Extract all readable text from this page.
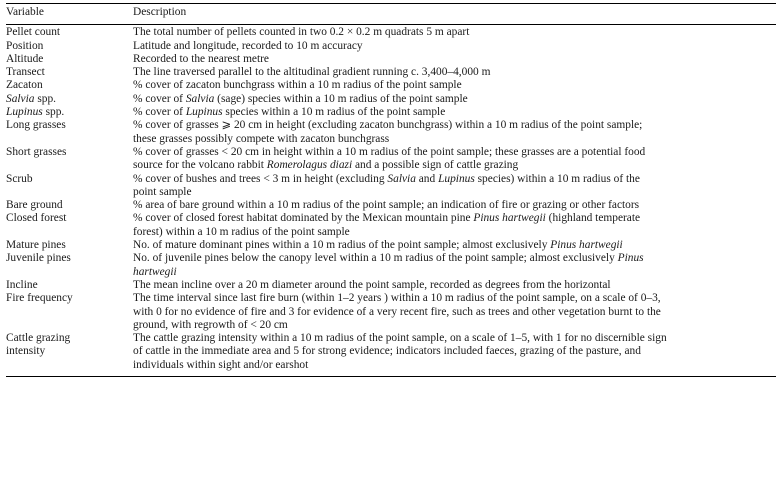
Variable	Description
Pellet count	The total number of pellets counted in two 0.2 × 0.2 m quadrats 5 m apart
Position	Latitude and longitude, recorded to 10 m accuracy
Altitude	Recorded to the nearest metre
Transect	The line traversed parallel to the altitudinal gradient running c. 3,400–4,000 m
Zacaton	% cover of zacaton bunchgrass within a 10 m radius of the point sample
Salvia spp.	% cover of Salvia (sage) species within a 10 m radius of the point sample
Lupinus spp.	% cover of Lupinus species within a 10 m radius of the point sample
Long grasses	% cover of grasses ⩾ 20 cm in height (excluding zacaton bunchgrass) within a 10 m radius of the point sample;
these grasses possibly compete with zacaton bunchgrass
Short grasses	% cover of grasses < 20 cm in height within a 10 m radius of the point sample; these grasses are a potential food
source for the volcano rabbit Romerolagus diazi and a possible sign of cattle grazing
Scrub	% cover of bushes and trees < 3 m in height (excluding Salvia and Lupinus species) within a 10 m radius of the
point sample
Bare ground	% area of bare ground within a 10 m radius of the point sample; an indication of fire or grazing or other factors
Closed forest	% cover of closed forest habitat dominated by the Mexican mountain pine Pinus hartwegii (highland temperate
forest) within a 10 m radius of the point sample
Mature pines	No. of mature dominant pines within a 10 m radius of the point sample; almost exclusively Pinus hartwegii
Juvenile pines	No. of juvenile pines below the canopy level within a 10 m radius of the point sample; almost exclusively Pinus
hartwegii
Incline	The mean incline over a 20 m diameter around the point sample, recorded as degrees from the horizontal
Fire frequency	The time interval since last fire burn (within 1–2 years ) within a 10 m radius of the point sample, on a scale of 0–3,
with 0 for no evidence of fire and 3 for evidence of a very recent fire, such as trees and other vegetation burnt to the
ground, with regrowth of < 20 cm
Cattle grazing
intensity	The cattle grazing intensity within a 10 m radius of the point sample, on a scale of 1–5, with 1 for no discernible sign
of cattle in the immediate area and 5 for strong evidence; indicators included faeces, grazing of the pasture, and
individuals within sight and/or earshot
